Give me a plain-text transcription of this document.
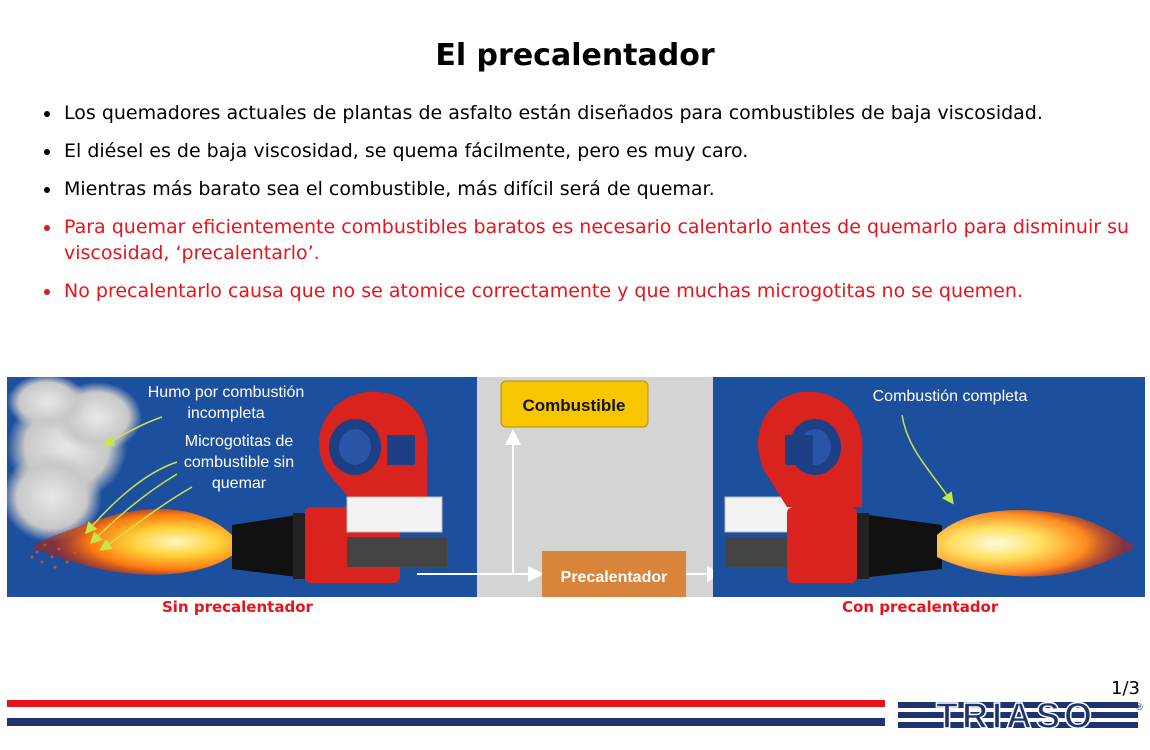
El precalentador
Los quemadores actuales de plantas de asfalto están diseñados para combustibles de baja viscosidad.
El diésel es de baja viscosidad, se quema fácilmente, pero es muy caro.
Mientras más barato sea el combustible, más difícil será de quemar.
Para quemar eficientemente combustibles baratos es necesario calentarlo antes de quemarlo para disminuir su viscosidad, ‘precalentarlo’.
No precalentarlo causa que no se atomice correctamente y que muchas microgotitas no se quemen.
Humo por combustión
incompleta
Microgotitas de
combustible sin
quemar
Combustible
Precalentador
Combustión completa
Sin precalentador	Con precalentador
1/3
TRIASO	®
